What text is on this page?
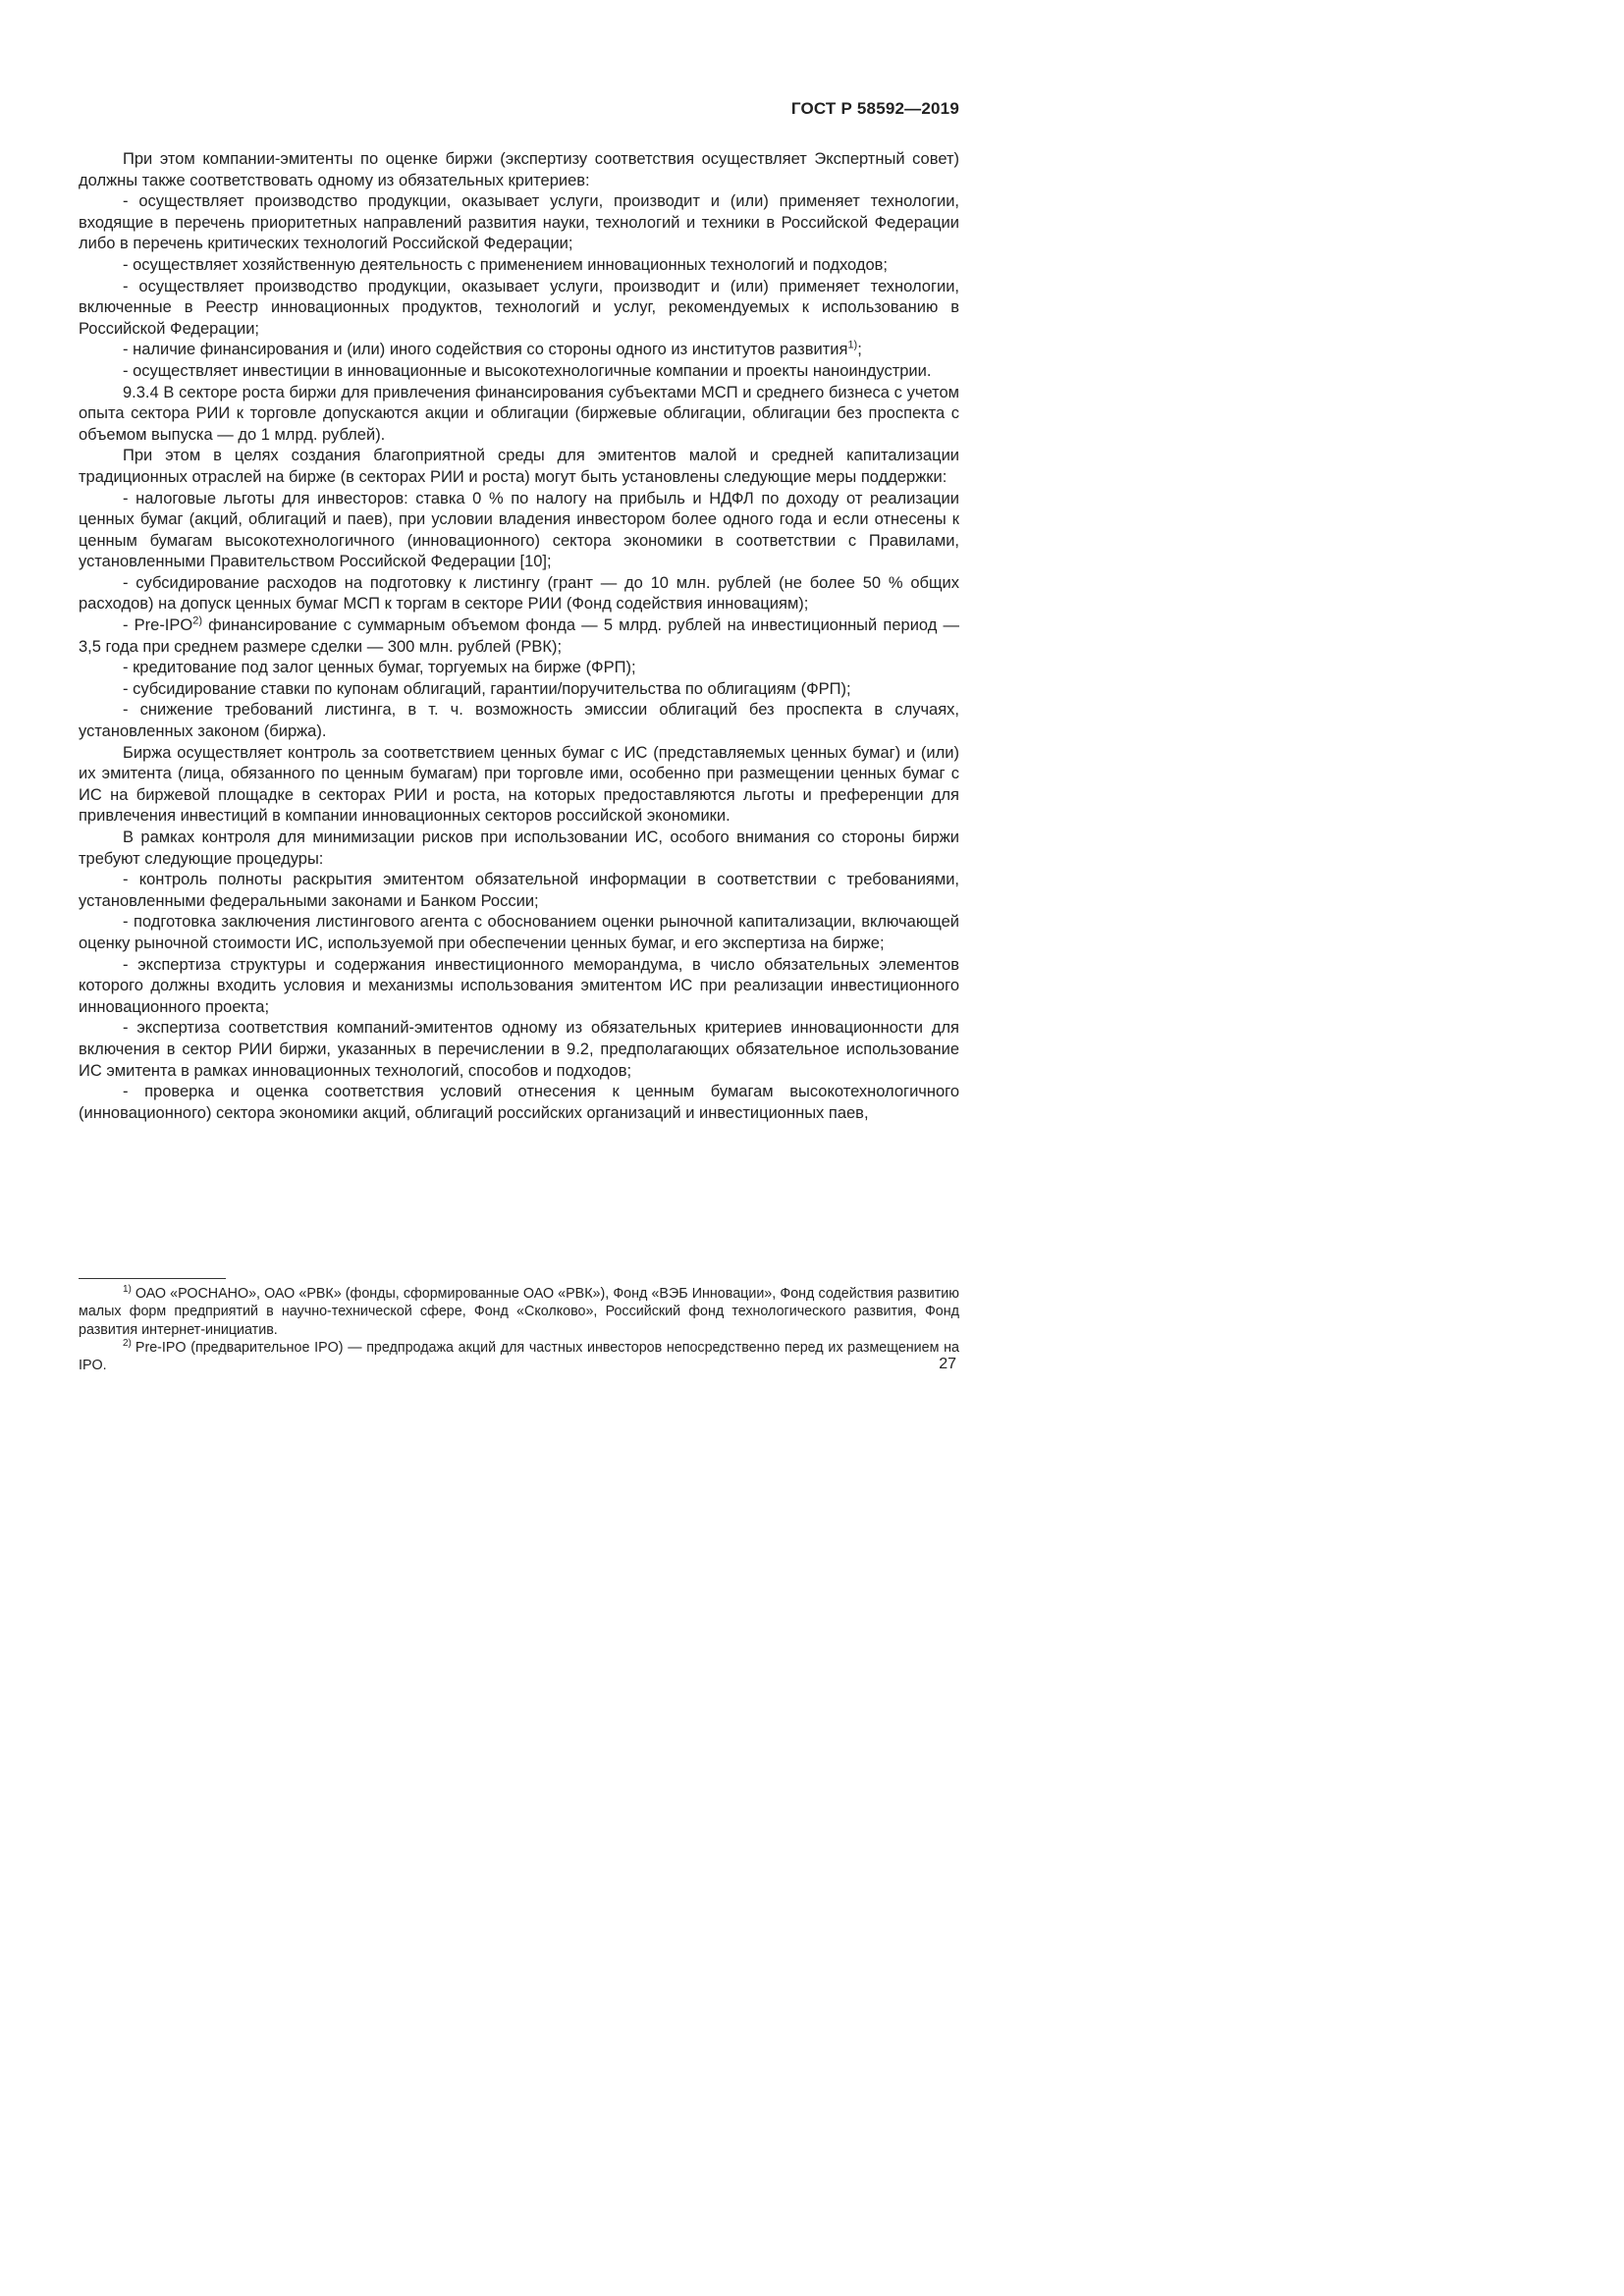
ГОСТ Р 58592—2019

При этом компании-эмитенты по оценке биржи (экспертизу соответствия осуществляет Экспертный совет) должны также соответствовать одному из обязательных критериев:

- осуществляет производство продукции, оказывает услуги, производит и (или) применяет технологии, входящие в перечень приоритетных направлений развития науки, технологий и техники в Российской Федерации либо в перечень критических технологий Российской Федерации;

- осуществляет хозяйственную деятельность с применением инновационных технологий и подходов;

- осуществляет производство продукции, оказывает услуги, производит и (или) применяет технологии, включенные в Реестр инновационных продуктов, технологий и услуг, рекомендуемых к использованию в Российской Федерации;

- наличие финансирования и (или) иного содействия со стороны одного из институтов развития$^{1)}$;

- осуществляет инвестиции в инновационные и высокотехнологичные компании и проекты наноиндустрии.

9.3.4 В секторе роста биржи для привлечения финансирования субъектами МСП и среднего бизнеса с учетом опыта сектора РИИ к торговле допускаются акции и облигации (биржевые облигации, облигации без проспекта с объемом выпуска — до 1 млрд. рублей).

При этом в целях создания благоприятной среды для эмитентов малой и средней капитализации традиционных отраслей на бирже (в секторах РИИ и роста) могут быть установлены следующие меры поддержки:

- налоговые льготы для инвесторов: ставка 0 % по налогу на прибыль и НДФЛ по доходу от реализации ценных бумаг (акций, облигаций и паев), при условии владения инвестором более одного года и если отнесены к ценным бумагам высокотехнологичного (инновационного) сектора экономики в соответствии с Правилами, установленными Правительством Российской Федерации [10];

- субсидирование расходов на подготовку к листингу (грант — до 10 млн. рублей (не более 50 % общих расходов) на допуск ценных бумаг МСП к торгам в секторе РИИ (Фонд содействия инновациям);

- Pre-IPO$^{2)}$ финансирование с суммарным объемом фонда — 5 млрд. рублей на инвестиционный период — 3,5 года при среднем размере сделки — 300 млн. рублей (РВК);

- кредитование под залог ценных бумаг, торгуемых на бирже (ФРП);

- субсидирование ставки по купонам облигаций, гарантии/поручительства по облигациям (ФРП);

- снижение требований листинга, в т. ч. возможность эмиссии облигаций без проспекта в случаях, установленных законом (биржа).

Биржа осуществляет контроль за соответствием ценных бумаг с ИС (представляемых ценных бумаг) и (или) их эмитента (лица, обязанного по ценным бумагам) при торговле ими, особенно при размещении ценных бумаг с ИС на биржевой площадке в секторах РИИ и роста, на которых предоставляются льготы и преференции для привлечения инвестиций в компании инновационных секторов российской экономики.

В рамках контроля для минимизации рисков при использовании ИС, особого внимания со стороны биржи требуют следующие процедуры:

- контроль полноты раскрытия эмитентом обязательной информации в соответствии с требованиями, установленными федеральными законами и Банком России;

- подготовка заключения листингового агента с обоснованием оценки рыночной капитализации, включающей оценку рыночной стоимости ИС, используемой при обеспечении ценных бумаг, и его экспертиза на бирже;

- экспертиза структуры и содержания инвестиционного меморандума, в число обязательных элементов которого должны входить условия и механизмы использования эмитентом ИС при реализации инвестиционного инновационного проекта;

- экспертиза соответствия компаний-эмитентов одному из обязательных критериев инновационности для включения в сектор РИИ биржи, указанных в перечислении в 9.2, предполагающих обязательное использование ИС эмитента в рамках инновационных технологий, способов и подходов;

- проверка и оценка соответствия условий отнесения к ценным бумагам высокотехнологичного (инновационного) сектора экономики акций, облигаций российских организаций и инвестиционных паев,

$^{1)}$ ОАО «РОСНАНО», ОАО «РВК» (фонды, сформированные ОАО «РВК»), Фонд «ВЭБ Инновации», Фонд содействия развитию малых форм предприятий в научно-технической сфере, Фонд «Сколково», Российский фонд технологического развития, Фонд развития интернет-инициатив.

$^{2)}$ Pre-IPO (предварительное IPO) — предпродажа акций для частных инвесторов непосредственно перед их размещением на IPO.	27
